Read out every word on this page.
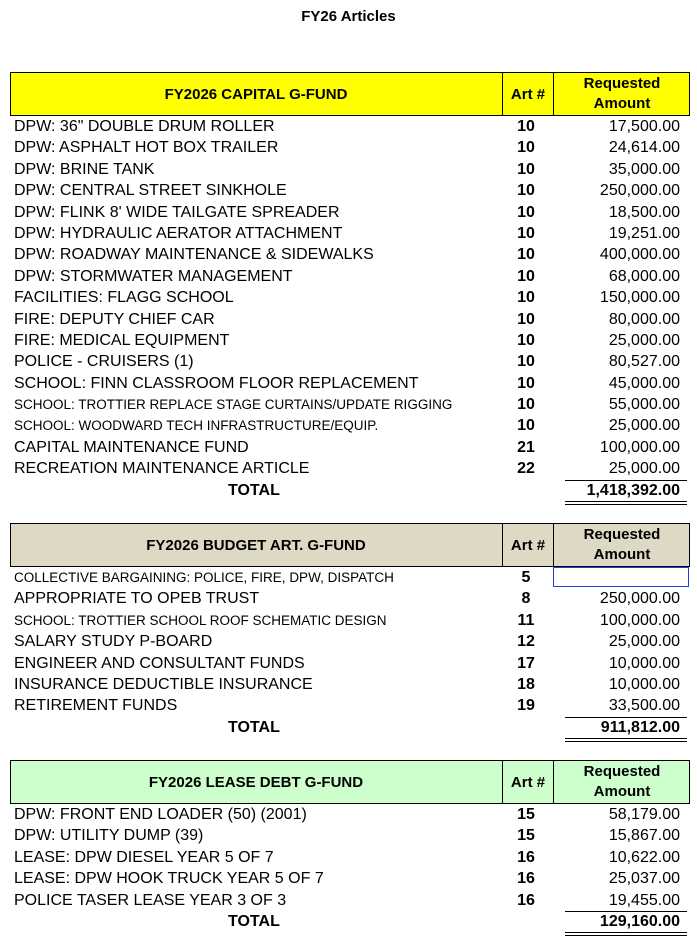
FY26 Articles
FY2026 CAPITAL G-FUND	Art #
Requested
Amount
DPW: 36" DOUBLE DRUM ROLLER	10	17,500.00
DPW: ASPHALT HOT BOX TRAILER	10	24,614.00
DPW: BRINE TANK	10	35,000.00
DPW: CENTRAL STREET SINKHOLE	10	250,000.00
DPW: FLINK 8' WIDE TAILGATE SPREADER	10	18,500.00
DPW: HYDRAULIC AERATOR ATTACHMENT	10	19,251.00
DPW: ROADWAY MAINTENANCE & SIDEWALKS	10	400,000.00
DPW: STORMWATER MANAGEMENT	10	68,000.00
FACILITIES: FLAGG SCHOOL	10	150,000.00
FIRE: DEPUTY CHIEF CAR	10	80,000.00
FIRE: MEDICAL EQUIPMENT	10	25,000.00
POLICE - CRUISERS (1)	10	80,527.00
SCHOOL: FINN CLASSROOM FLOOR REPLACEMENT	10	45,000.00
SCHOOL: TROTTIER REPLACE STAGE CURTAINS/UPDATE RIGGING	10	55,000.00
SCHOOL: WOODWARD TECH INFRASTRUCTURE/EQUIP.	10	25,000.00
CAPITAL MAINTENANCE FUND	21	100,000.00
RECREATION MAINTENANCE ARTICLE	22	25,000.00
TOTAL	1,418,392.00
FY2026 BUDGET ART. G-FUND	Art #
Requested
Amount
COLLECTIVE BARGAINING: POLICE, FIRE, DPW, DISPATCH	5
APPROPRIATE TO OPEB TRUST	8	250,000.00
SCHOOL: TROTTIER SCHOOL ROOF SCHEMATIC DESIGN	11	100,000.00
SALARY STUDY P-BOARD	12	25,000.00
ENGINEER AND CONSULTANT FUNDS	17	10,000.00
INSURANCE DEDUCTIBLE INSURANCE	18	10,000.00
RETIREMENT FUNDS	19	33,500.00
TOTAL	911,812.00
FY2026 LEASE DEBT G-FUND	Art #
Requested
Amount
DPW: FRONT END LOADER (50) (2001)	15	58,179.00
DPW: UTILITY DUMP (39)	15	15,867.00
LEASE: DPW DIESEL YEAR 5 OF 7	16	10,622.00
LEASE: DPW HOOK TRUCK YEAR 5 OF 7	16	25,037.00
POLICE TASER LEASE YEAR 3 OF 3	16	19,455.00
TOTAL	129,160.00
